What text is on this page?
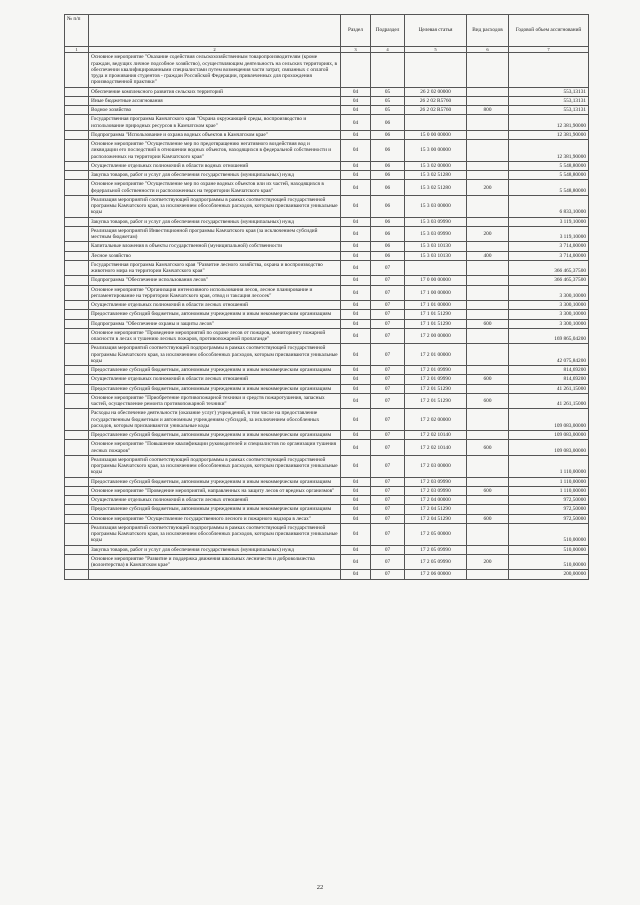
№ п/п		Раздел	Подраздел	Целевая статья	Вид расходов	Годовой объем ассигнований
1	2	3	4	5	6	7
	Основное мероприятие "Оказание содействия сельскохозяйственным товаропроизводителям (кроме граждан, ведущих личное подсобное хозяйство), осуществляющим деятельность на сельских территориях, в обеспечении квалифицированными специалистами путем возмещения части затрат, связанных с оплатой труда и проживания студентов - граждан Российской Федерации, привлеченных для прохождения производственной практики"					
	Обеспечение комплексного развития сельских территорий	04	05	26 2 02 00000		553,13131
	Иные бюджетные ассигнования	04	05	26 2 02 R5760		553,13131
	Водное хозяйство	04	05	26 2 02 R5760	800	553,13131
	Государственная программа Камчатского края "Охрана окружающей среды, воспроизводство и использование природных ресурсов в Камчатском крае"	04	06			12 381,90000
	Подпрограмма "Использование и охрана водных объектов в Камчатском крае"	04	06	15 0 00 00000		12 381,90000
	Основное мероприятие "Осуществление мер по предотвращению негативного воздействия вод и ликвидации его последствий в отношении водных объектов, находящихся в федеральной собственности и расположенных на территории Камчатского края"	04	06	15 3 00 00000		12 381,90000
	Осуществление отдельных полномочий в области водных отношений	04	06	15 3 02 00000		5 548,80000
	Закупка товаров, работ и услуг для обеспечения государственных (муниципальных) нужд	04	06	15 3 02 51280		5 548,80000
	Основное мероприятие "Осуществление мер по охране водных объектов или их частей, находящихся в федеральной собственности и расположенных на территории Камчатского края"	04	06	15 3 02 51280	200	5 548,80000
	Реализация мероприятий соответствующей подпрограммы в рамках соответствующей государственной программы Камчатского края, за исключением обособленных расходов, которым присваиваются уникальные коды	04	06	15 3 03 00000		6 833,10000
	Закупка товаров, работ и услуг для обеспечения государственных (муниципальных) нужд	04	06	15 3 03 09990		3 119,10000
	Реализация мероприятий Инвестиционной программы Камчатского края (за исключением субсидий местным бюджетам)	04	06	15 3 03 09990	200	3 119,10000
	Капитальные вложения в объекты государственной (муниципальной) собственности	04	06	15 3 03 10130		3 714,00000
	Лесное хозяйство	04	06	15 3 03 10130	400	3 714,00000
	Государственная программа Камчатского края "Развитие лесного хозяйства, охрана и воспроизводство животного мира на территории Камчатского края"	04	07			366 465,37500
	Подпрограмма "Обеспечение использования лесов"	04	07	17 0 00 00000		366 465,37500
	Основное мероприятие "Организация интенсивного использования лесов, лесное планирование и регламентирование на территории Камчатского края, отвод и таксация лесосек"	04	07	17 1 00 00000		3 300,10000
	Осуществление отдельных полномочий в области лесных отношений	04	07	17 1 01 00000		3 300,10000
	Предоставление субсидий бюджетным, автономным учреждениям и иным некоммерческим организациям	04	07	17 1 01 51290		3 300,10000
	Подпрограмма "Обеспечение охраны и защиты лесов"	04	07	17 1 01 51290	600	3 300,10000
	Основное мероприятие "Проведение мероприятий по охране лесов от пожаров, мониторингу пожарной опасности в лесах и тушению лесных пожаров, противопожарной пропаганде"	04	07	17 2 00 00000		169 865,04200
	Реализация мероприятий соответствующей подпрограммы в рамках соответствующей государственной программы Камчатского края, за исключением обособленных расходов, которым присваиваются уникальные коды	04	07	17 2 01 00000		42 075,84200
	Предоставление субсидий бюджетным, автономным учреждениям и иным некоммерческим организациям	04	07	17 2 01 09990		814,69200
	Осуществление отдельных полномочий в области лесных отношений	04	07	17 2 01 09990	600	814,69200
	Предоставление субсидий бюджетным, автономным учреждениям и иным некоммерческим организациям	04	07	17 2 01 51290		41 261,15000
	Основное мероприятие "Приобретение противопожарной техники и средств пожаротушения, запасных частей, осуществление ремонта противопожарной техники"	04	07	17 2 01 51290	600	41 261,15000
	Расходы на обеспечение деятельности (оказание услуг) учреждений, в том числе на предоставление государственным бюджетным и автономным учреждениям субсидий, за исключением обособленных расходов, которым присваиваются уникальные коды	04	07	17 2 02 00000		109 083,00000
	Предоставление субсидий бюджетным, автономным учреждениям и иным некоммерческим организациям	04	07	17 2 02 10140		109 083,00000
	Основное мероприятие "Повышение квалификации руководителей и специалистов по организации тушения лесных пожаров"	04	07	17 2 02 10140	600	109 083,00000
	Реализация мероприятий соответствующей подпрограммы в рамках соответствующей государственной программы Камчатского края, за исключением обособленных расходов, которым присваиваются уникальные коды	04	07	17 2 03 00000		1 110,00000
	Предоставление субсидий бюджетным, автономным учреждениям и иным некоммерческим организациям	04	07	17 2 03 09990		1 110,00000
	Основное мероприятие "Проведение мероприятий, направленных на защиту лесов от вредных организмов"	04	07	17 2 03 09990	600	1 110,00000
	Осуществление отдельных полномочий в области лесных отношений	04	07	17 2 04 00000		972,50000
	Предоставление субсидий бюджетным, автономным учреждениям и иным некоммерческим организациям	04	07	17 2 04 51290		972,50000
	Основное мероприятие "Осуществление государственного лесного и пожарного надзора в лесах"	04	07	17 2 04 51290	600	972,50000
	Реализация мероприятий соответствующей подпрограммы в рамках соответствующей государственной программы Камчатского края, за исключением обособленных расходов, которым присваиваются уникальные коды	04	07	17 2 05 00000		510,00000
	Закупка товаров, работ и услуг для обеспечения государственных (муниципальных) нужд	04	07	17 2 05 09990		510,00000
	Основное мероприятие "Развитие и поддержка движения школьных лесничеств и добровольчества (волонтерства) в Камчатском крае"	04	07	17 2 05 09990	200	510,00000
		04	07	17 2 06 00000		200,00000
22
